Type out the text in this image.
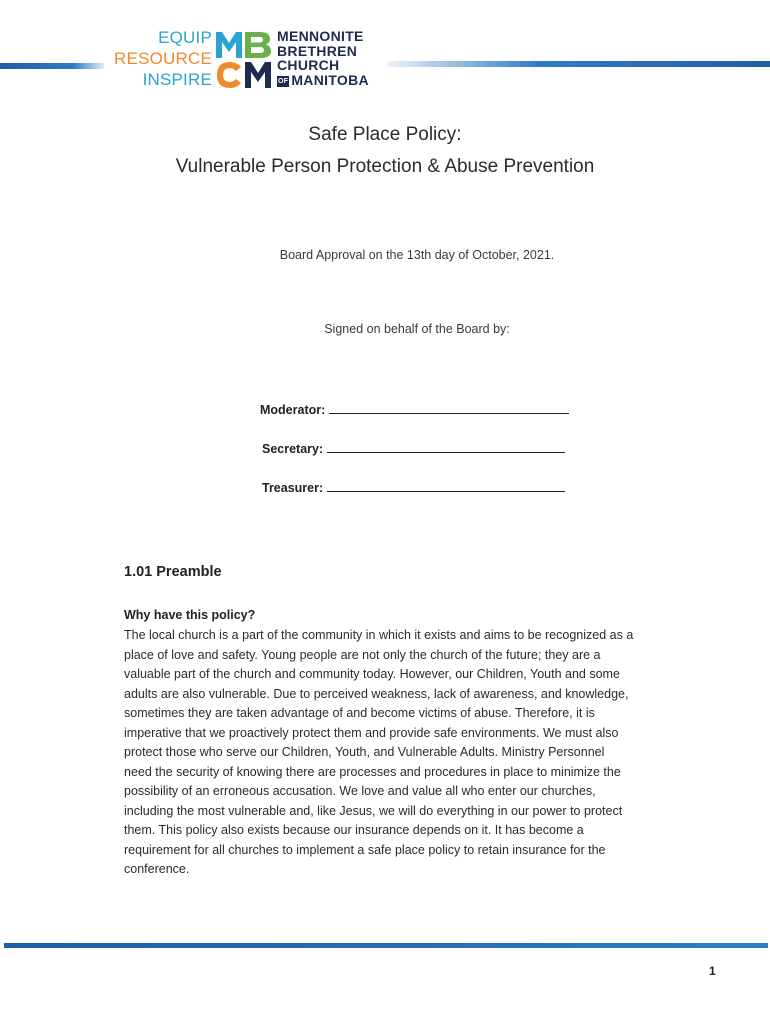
EQUIP
RESOURCE
INSPIRE
MENNONITE
BRETHREN
CHURCH
OF MANITOBA
Safe Place Policy:
Vulnerable Person Protection & Abuse Prevention
Board Approval on the 13th day of October, 2021.
Signed on behalf of the Board by:
Moderator:
Secretary:
Treasurer:
1.01 Preamble
Why have this policy?
The local church is a part of the community in which it exists and aims to be recognized as a
place of love and safety. Young people are not only the church of the future; they are a
valuable part of the church and community today. However, our Children, Youth and some
adults are also vulnerable. Due to perceived weakness, lack of awareness, and knowledge,
sometimes they are taken advantage of and become victims of abuse. Therefore, it is
imperative that we proactively protect them and provide safe environments. We must also
protect those who serve our Children, Youth, and Vulnerable Adults. Ministry Personnel
need the security of knowing there are processes and procedures in place to minimize the
possibility of an erroneous accusation. We love and value all who enter our churches,
including the most vulnerable and, like Jesus, we will do everything in our power to protect
them. This policy also exists because our insurance depends on it. It has become a
requirement for all churches to implement a safe place policy to retain insurance for the
conference.
1
